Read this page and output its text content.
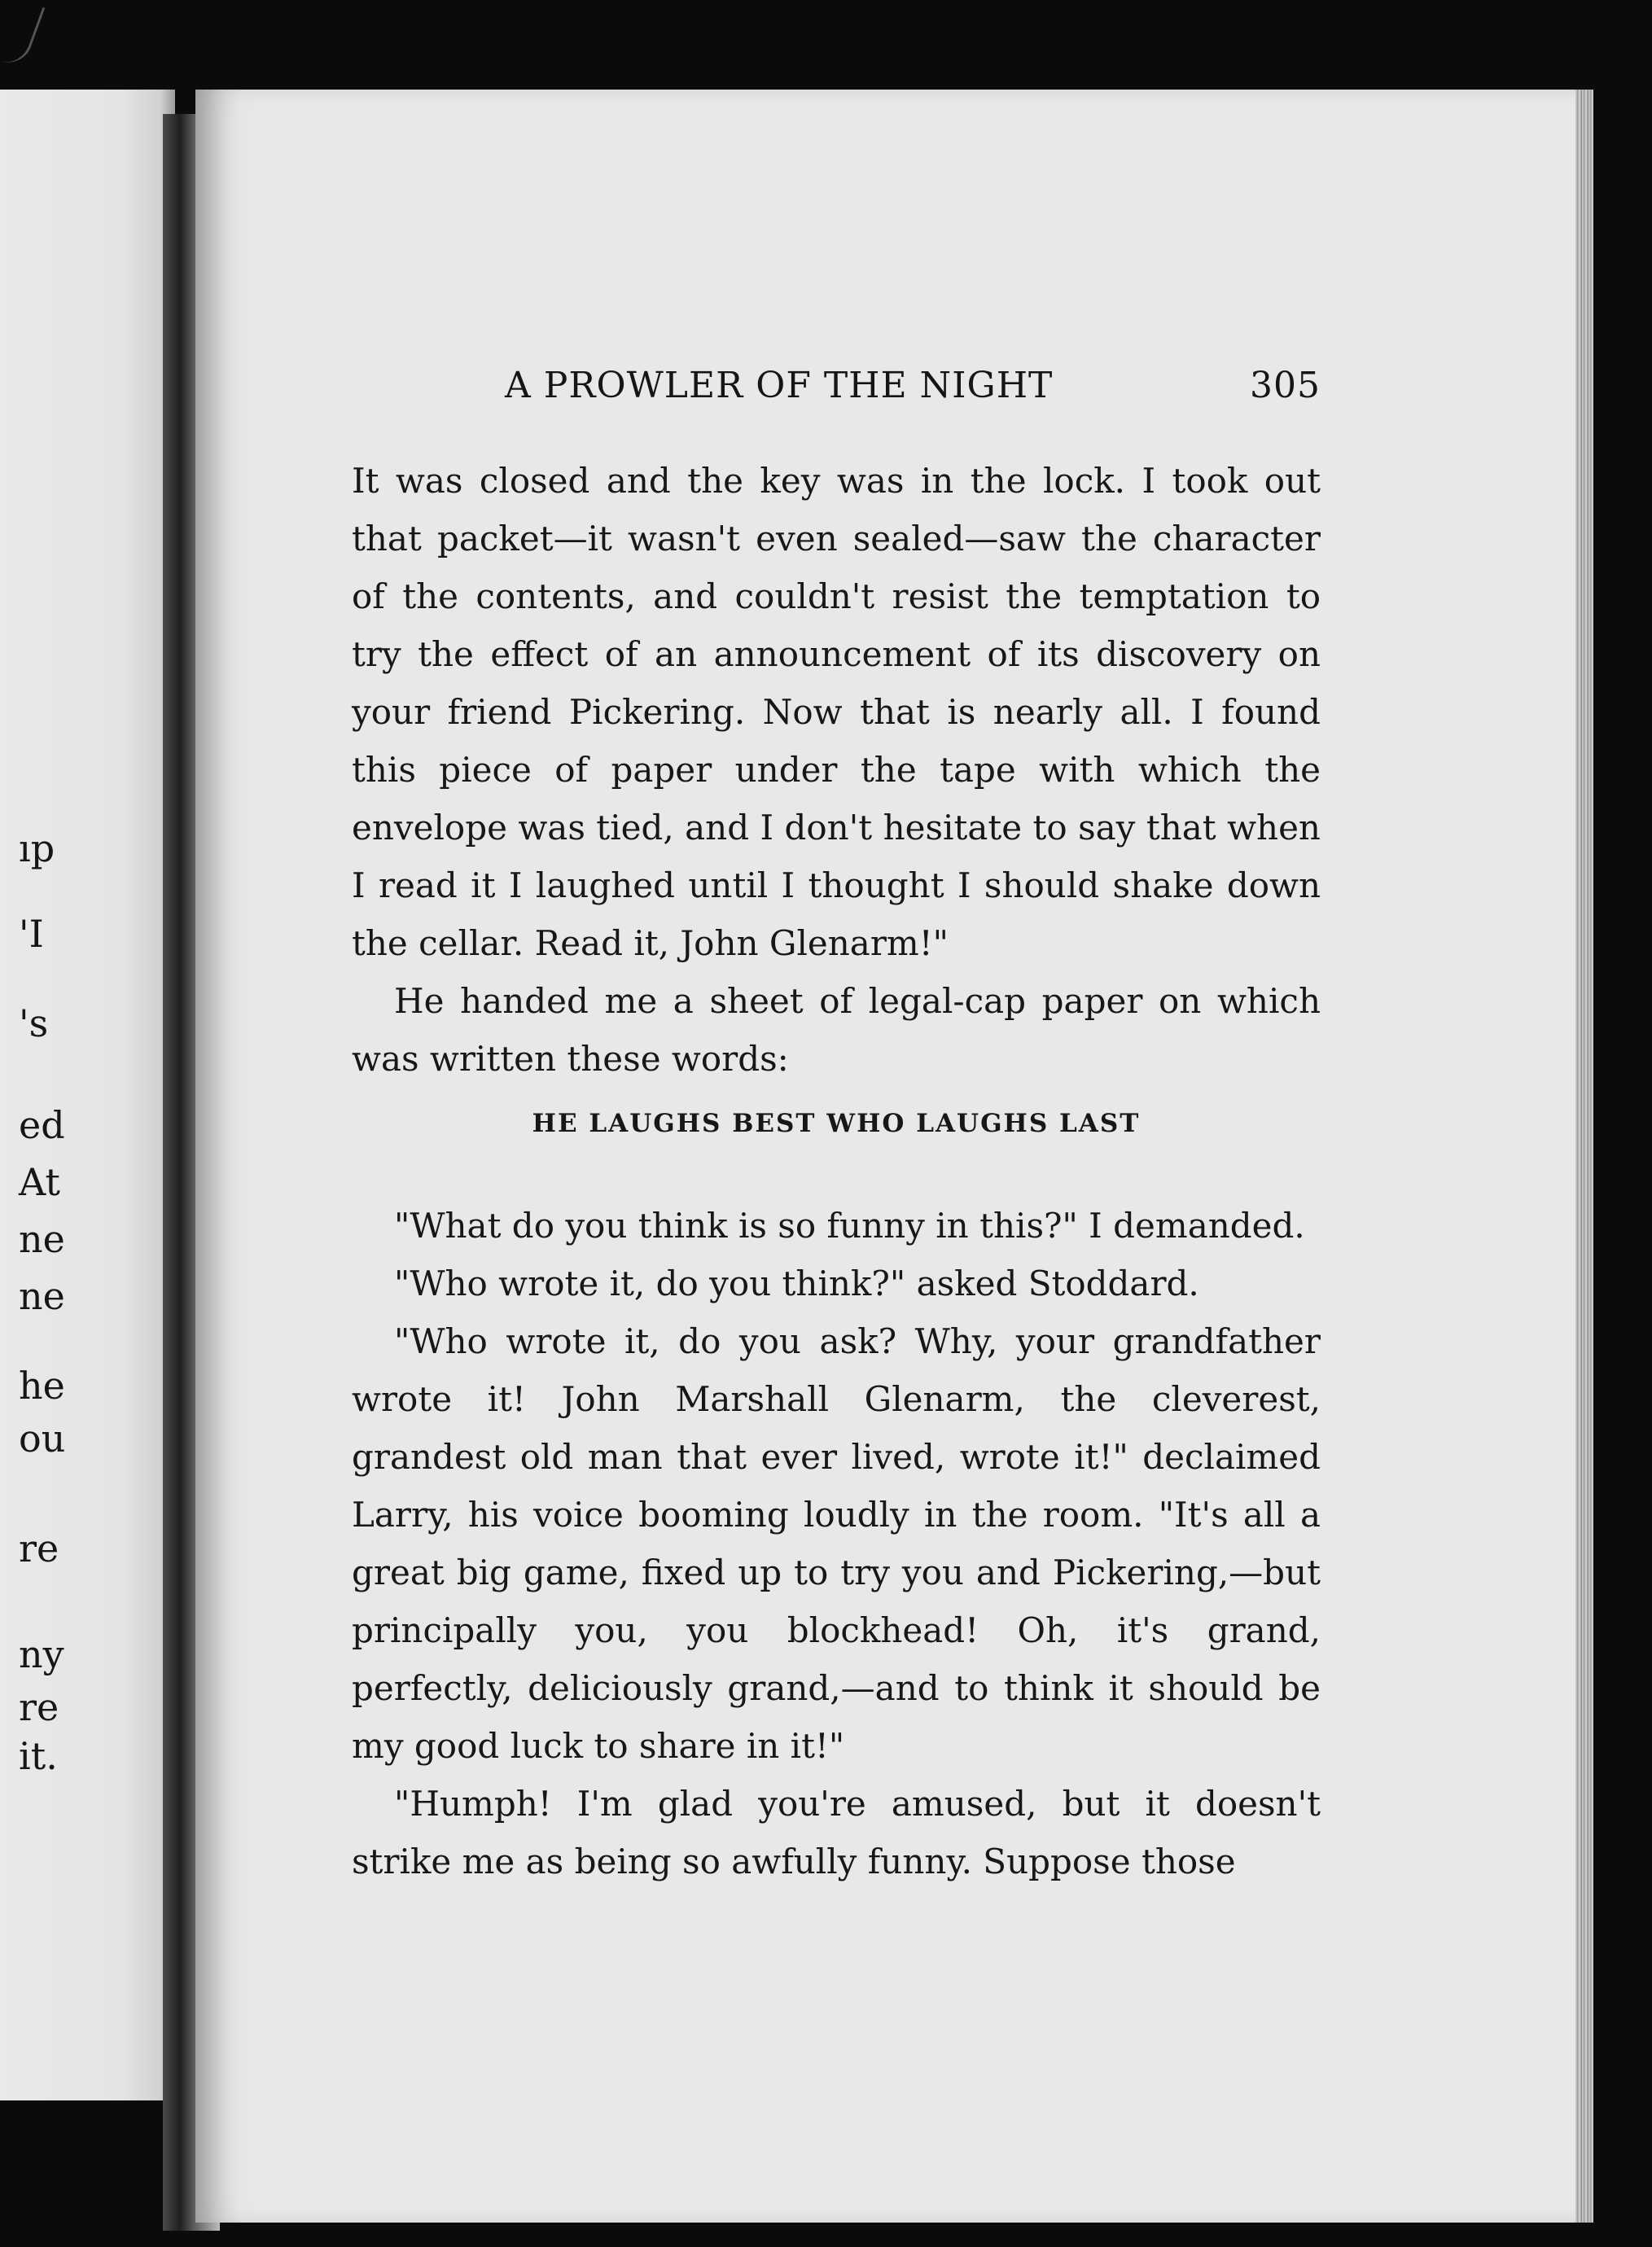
ıp
'I
's
ed
At
ne
ne
he
ou
re
ny
re
it.
A PROWLER OF THE NIGHT	305

It was closed and the key was in the lock. I took out that packet—it wasn't even sealed—saw the character of the contents, and couldn't resist the temptation to try the effect of an announcement of its discovery on your friend Pickering. Now that is nearly all. I found this piece of paper under the tape with which the envelope was tied, and I don't hesitate to say that when I read it I laughed until I thought I should shake down the cellar. Read it, John Glenarm!"

He handed me a sheet of legal-cap paper on which was written these words:

HE LAUGHS BEST WHO LAUGHS LAST

"What do you think is so funny in this?" I demanded.

"Who wrote it, do you think?" asked Stoddard.

"Who wrote it, do you ask? Why, your grandfather wrote it! John Marshall Glenarm, the cleverest, grandest old man that ever lived, wrote it!" declaimed Larry, his voice booming loudly in the room. "It's all a great big game, fixed up to try you and Pickering,—but principally you, you blockhead! Oh, it's grand, perfectly, deliciously grand,—and to think it should be my good luck to share in it!"

"Humph! I'm glad you're amused, but it doesn't strike me as being so awfully funny. Suppose those
